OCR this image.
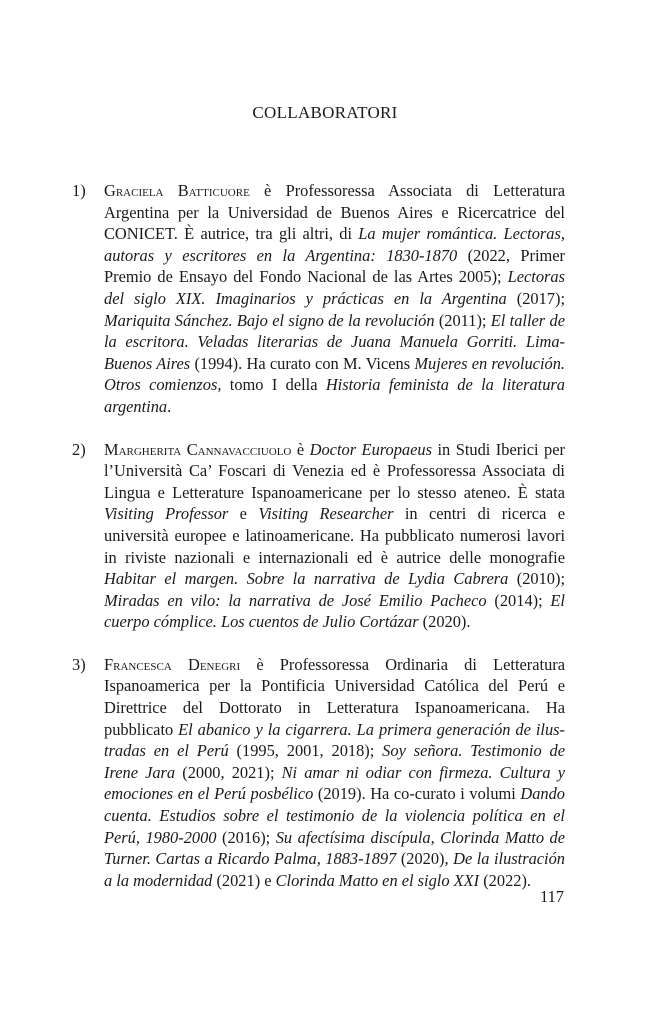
COLLABORATORI
1) Graciela Batticuore è Professoressa Associata di Letteratura Argentina per la Universidad de Buenos Aires e Ricercatrice del CONICET. È autrice, tra gli altri, di La mujer romántica. Lectoras, autoras y escritores en la Argentina: 1830-1870 (2022, Primer Premio de Ensayo del Fondo Nacional de las Artes 2005); Lectoras del siglo XIX. Imaginarios y prácticas en la Argentina (2017); Mariquita Sánchez. Bajo el signo de la revolución (2011); El taller de la escritora. Veladas literarias de Juana Manuela Gorriti. Lima-Buenos Aires (1994). Ha curato con M. Vicens Mujeres en revolución. Otros comienzos, tomo I della Historia feminista de la literatura argentina.
2) Margherita Cannavacciuolo è Doctor Europaeus in Studi Iberici per l’Università Ca’ Foscari di Venezia ed è Professoressa Associata di Lingua e Letterature Ispanoamericane per lo stesso ateneo. È stata Visiting Professor e Visiting Researcher in centri di ricerca e università europee e latinoamericane. Ha pubblicato numerosi lavori in riviste nazionali e internazionali ed è autrice delle monografie Habitar el margen. Sobre la narrativa de Lydia Cabrera (2010); Miradas en vilo: la narrativa de José Emilio Pacheco (2014); El cuerpo cómplice. Los cuentos de Julio Cortázar (2020).
3) Francesca Denegri è Professoressa Ordinaria di Letteratura Ispanoamerica per la Pontificia Universidad Católica del Perú e Direttrice del Dottorato in Letteratura Ispanoamericana. Ha pubblicato El abanico y la cigarrera. La primera generación de ilus-tradas en el Perú (1995, 2001, 2018); Soy señora. Testimonio de Irene Jara (2000, 2021); Ni amar ni odiar con firmeza. Cultura y emociones en el Perú posbélico (2019). Ha co-curato i volumi Dando cuenta. Estudios sobre el testimonio de la violencia política en el Perú, 1980-2000 (2016); Su afectísima discípula, Clorinda Matto de Turner. Cartas a Ricardo Palma, 1883-1897 (2020), De la ilustración a la modernidad (2021) e Clorinda Matto en el siglo XXI (2022).
117
